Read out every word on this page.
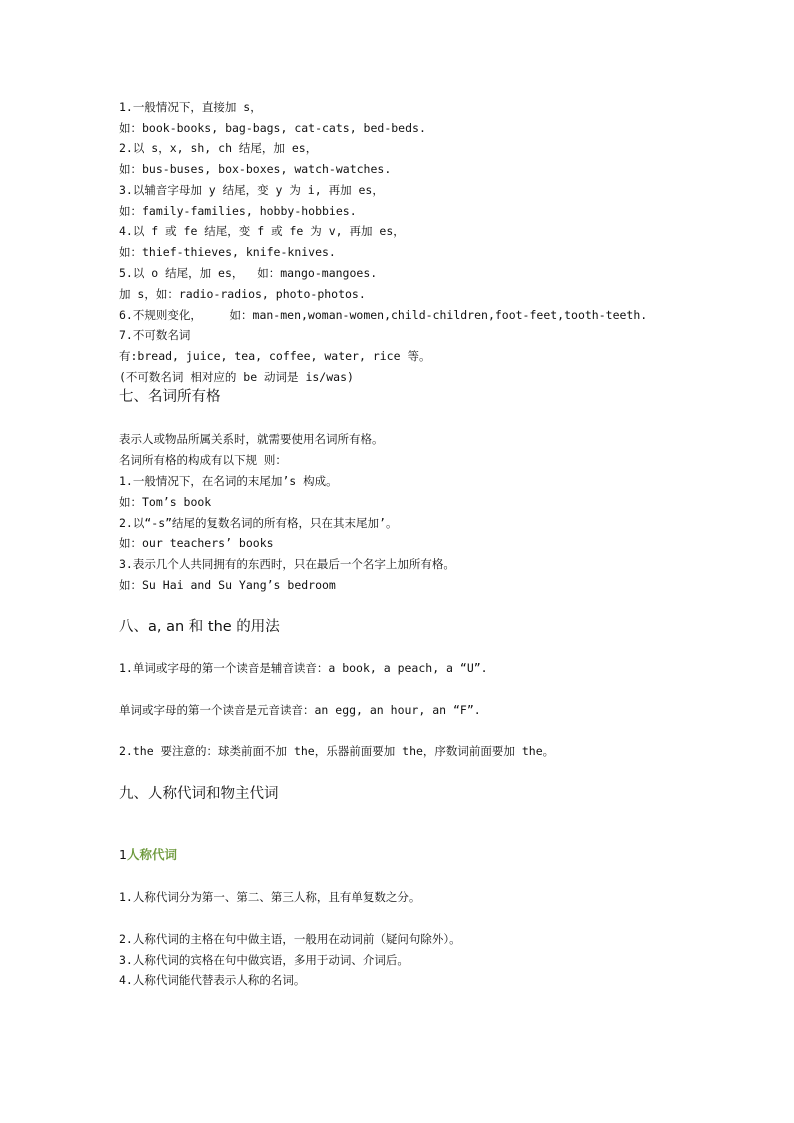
1.一般情况下，直接加 s，
如：book-books, bag-bags, cat-cats, bed-beds.
2.以 s，x, sh, ch 结尾，加 es，
如：bus-buses, box-boxes, watch-watches.
3.以辅音字母加 y 结尾，变 y 为 i, 再加 es，
如：family-families, hobby-hobbies.
4.以 f 或 fe 结尾，变 f 或 fe 为 v, 再加 es，
如：thief-thieves, knife-knives.
5.以 o 结尾，加 es，  如：mango-mangoes.
加 s，如：radio-radios, photo-photos.
6.不规则变化，    如：man-men,woman-women,child-children,foot-feet,tooth-teeth.
7.不可数名词
有:bread, juice, tea, coffee, water, rice 等。
(不可数名词 相对应的 be 动词是 is/was)
七、名词所有格
表示人或物品所属关系时，就需要使用名词所有格。
名词所有格的构成有以下规 则：
1.一般情况下，在名词的末尾加’s 构成。
如：Tom’s book
2.以“-s”结尾的复数名词的所有格，只在其末尾加’。
如：our teachers’ books
3.表示几个人共同拥有的东西时，只在最后一个名字上加所有格。
如：Su Hai and Su Yang’s bedroom
八、a, an 和 the 的用法
1.单词或字母的第一个读音是辅音读音：a book, a peach, a “U”.
单词或字母的第一个读音是元音读音：an egg, an hour, an “F”.
2.the 要注意的：球类前面不加 the，乐器前面要加 the，序数词前面要加 the。
九、人称代词和物主代词
1人称代词
1.人称代词分为第一、第二、第三人称，且有单复数之分。
2.人称代词的主格在句中做主语，一般用在动词前（疑问句除外）。
3.人称代词的宾格在句中做宾语，多用于动词、介词后。
4.人称代词能代替表示人称的名词。
